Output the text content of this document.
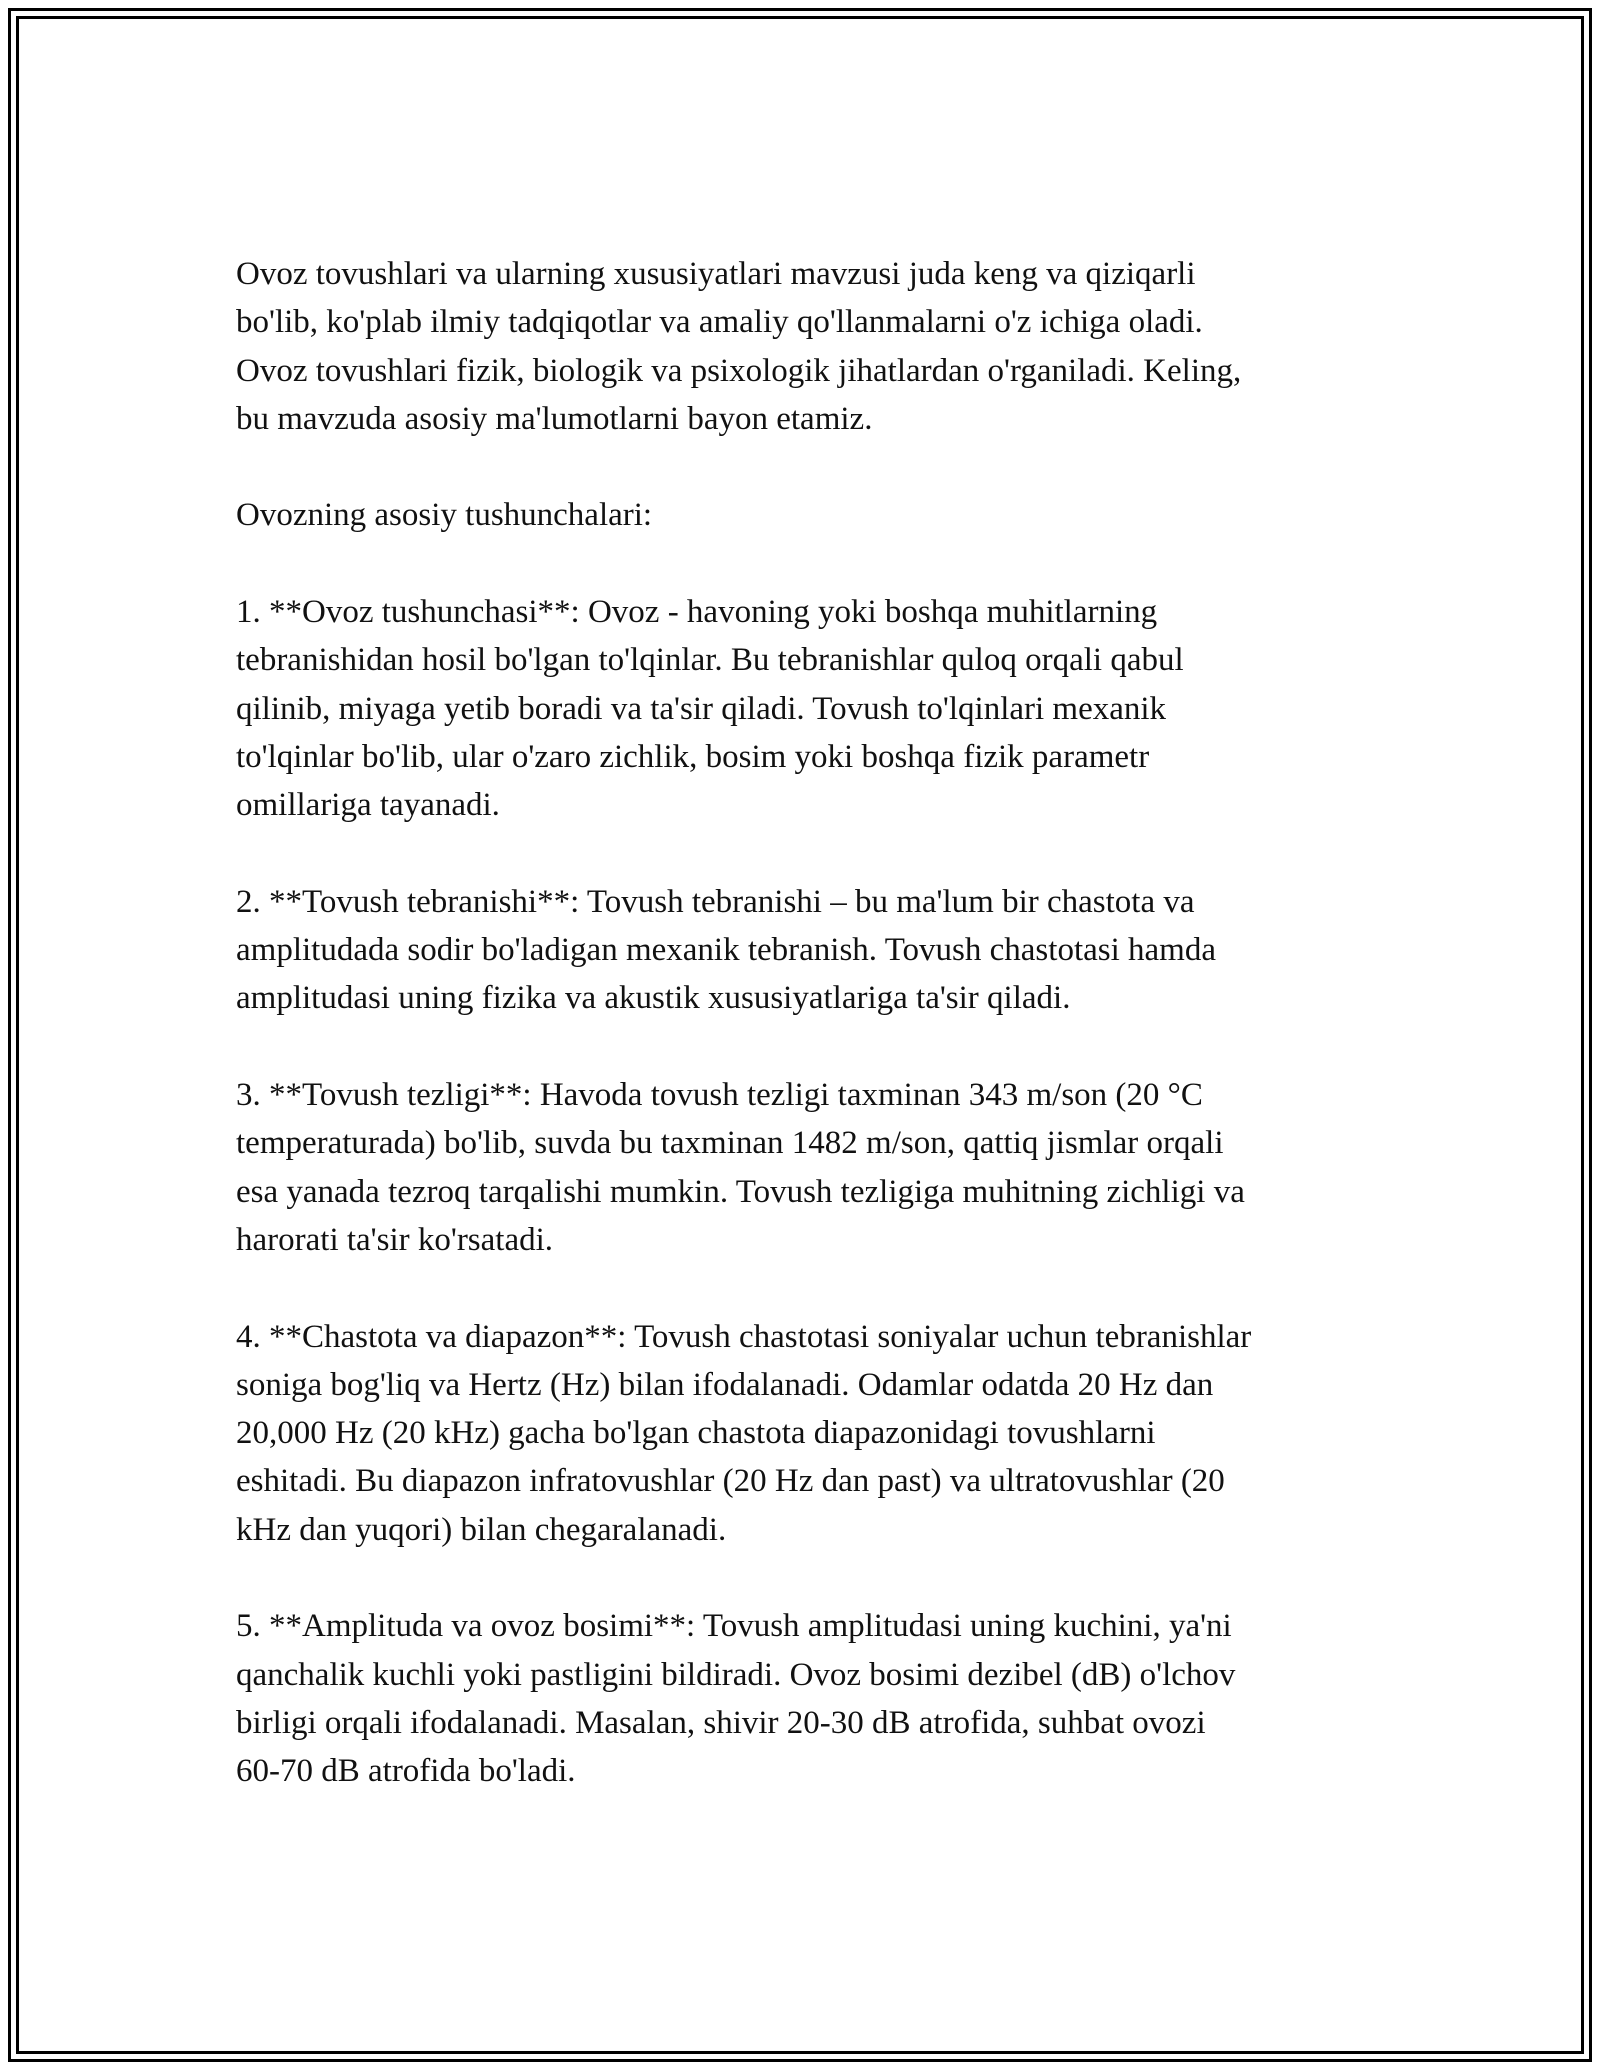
Ovoz tovushlari va ularning xususiyatlari mavzusi juda keng va qiziqarli
bo'lib, ko'plab ilmiy tadqiqotlar va amaliy qo'llanmalarni o'z ichiga oladi.
Ovoz tovushlari fizik, biologik va psixologik jihatlardan o'rganiladi. Keling,
bu mavzuda asosiy ma'lumotlarni bayon etamiz.

Ovozning asosiy tushunchalari:

1. **Ovoz tushunchasi**: Ovoz - havoning yoki boshqa muhitlarning
tebranishidan hosil bo'lgan to'lqinlar. Bu tebranishlar quloq orqali qabul
qilinib, miyaga yetib boradi va ta'sir qiladi. Tovush to'lqinlari mexanik
to'lqinlar bo'lib, ular o'zaro zichlik, bosim yoki boshqa fizik parametr
omillariga tayanadi.

2. **Tovush tebranishi**: Tovush tebranishi – bu ma'lum bir chastota va
amplitudada sodir bo'ladigan mexanik tebranish. Tovush chastotasi hamda
amplitudasi uning fizika va akustik xususiyatlariga ta'sir qiladi.

3. **Tovush tezligi**: Havoda tovush tezligi taxminan 343 m/son (20 °C
temperaturada) bo'lib, suvda bu taxminan 1482 m/son, qattiq jismlar orqali
esa yanada tezroq tarqalishi mumkin. Tovush tezligiga muhitning zichligi va
harorati ta'sir ko'rsatadi.

4. **Chastota va diapazon**: Tovush chastotasi soniyalar uchun tebranishlar
soniga bog'liq va Hertz (Hz) bilan ifodalanadi. Odamlar odatda 20 Hz dan
20,000 Hz (20 kHz) gacha bo'lgan chastota diapazonidagi tovushlarni
eshitadi. Bu diapazon infratovushlar (20 Hz dan past) va ultratovushlar (20
kHz dan yuqori) bilan chegaralanadi.

5. **Amplituda va ovoz bosimi**: Tovush amplitudasi uning kuchini, ya'ni
qanchalik kuchli yoki pastligini bildiradi. Ovoz bosimi dezibel (dB) o'lchov
birligi orqali ifodalanadi. Masalan, shivir 20-30 dB atrofida, suhbat ovozi
60-70 dB atrofida bo'ladi.
